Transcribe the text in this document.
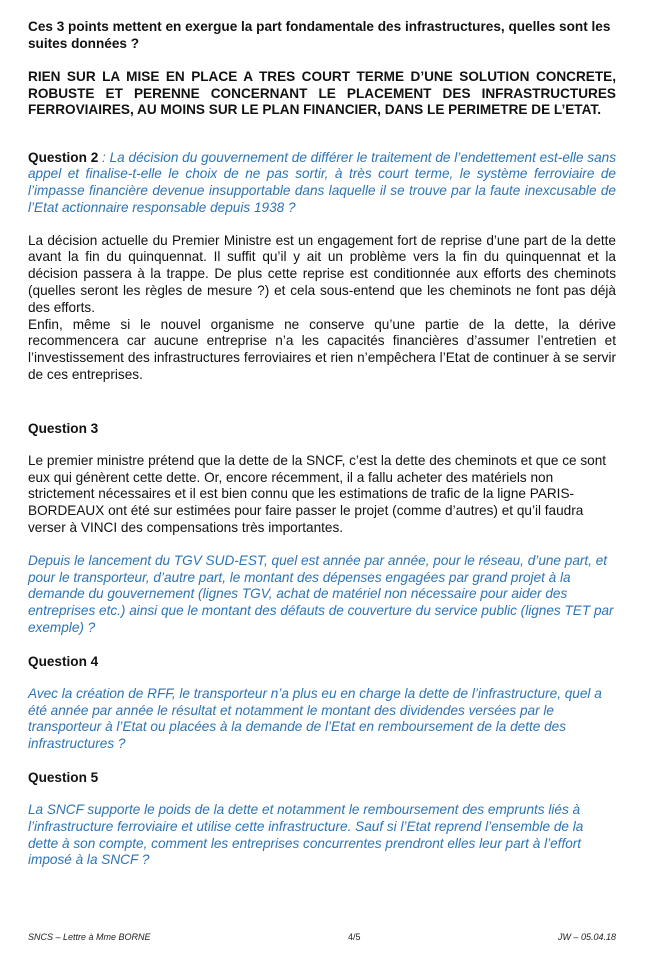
Ces 3 points mettent en exergue la part fondamentale des infrastructures, quelles sont les suites données ?

RIEN SUR LA MISE EN PLACE A TRES COURT TERME D’UNE SOLUTION CONCRETE, ROBUSTE ET PERENNE CONCERNANT LE PLACEMENT DES INFRASTRUCTURES FERROVIAIRES, AU MOINS SUR LE PLAN FINANCIER, DANS LE PERIMETRE DE L’ETAT.

Question 2 : La décision du gouvernement de différer le traitement de l’endettement est-elle sans appel et finalise-t-elle le choix de ne pas sortir, à très court terme, le système ferroviaire de l’impasse financière devenue insupportable dans laquelle il se trouve par la faute inexcusable de l’Etat actionnaire responsable depuis 1938 ?

La décision actuelle du Premier Ministre est un engagement fort de reprise d’une part de la dette avant la fin du quinquennat. Il suffit qu’il y ait un problème vers la fin du quinquennat et la décision passera à la trappe. De plus cette reprise est conditionnée aux efforts des cheminots (quelles seront les règles de mesure ?) et cela sous-entend que les cheminots ne font pas déjà des efforts.

Enfin, même si le nouvel organisme ne conserve qu’une partie de la dette, la dérive recommencera car aucune entreprise n’a les capacités financières d’assumer l’entretien et l’investissement des infrastructures ferroviaires et rien n’empêchera l’Etat de continuer à se servir de ces entreprises.

Question 3

Le premier ministre prétend que la dette de la SNCF, c’est la dette des cheminots et que ce sont eux qui génèrent cette dette. Or, encore récemment, il a fallu acheter des matériels non strictement nécessaires et il est bien connu que les estimations de trafic de la ligne PARIS-BORDEAUX ont été sur estimées pour faire passer le projet (comme d’autres) et qu’il faudra verser à VINCI des compensations très importantes.

Depuis le lancement du TGV SUD-EST, quel est année par année, pour le réseau, d’une part, et pour le transporteur, d’autre part, le montant des dépenses engagées par grand projet à la demande du gouvernement (lignes TGV, achat de matériel non nécessaire pour aider des entreprises etc.) ainsi que le montant des défauts de couverture du service public (lignes TET par exemple) ?

Question 4

Avec la création de RFF, le transporteur n’a plus eu en charge la dette de l’infrastructure, quel a été année par année le résultat et notamment le montant des dividendes versées par le transporteur à l’Etat ou placées à la demande de l’Etat en remboursement de la dette des infrastructures ?

Question 5

La SNCF supporte le poids de la dette et notamment le remboursement des emprunts liés à l’infrastructure ferroviaire et utilise cette infrastructure. Sauf si l’Etat reprend l’ensemble de la dette à son compte, comment les entreprises concurrentes prendront elles leur part à l’effort imposé à la SNCF ?

SNCS – Lettre à Mme BORNE	4/5	JW – 05.04.18
